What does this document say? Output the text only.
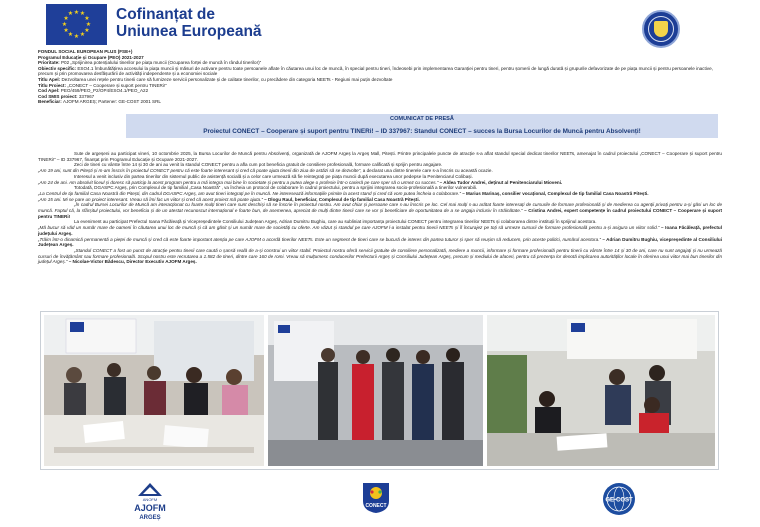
★ ★
★
★
★
★
★
★
★
★
★
★	Cofinanțat de
Uniunea Europeană
FONDUL SOCIAL EUROPEAN PLUS (FSE+)
Programul Educație și Ocupare (PEO) 2021-2027
Prioritate: P02 „Sprijinirea potențialului tinerilor pe piața muncii (Ocuparea forței de muncă în rândul tinerilor)”
Obiectiv specific: ESO4.1 Îmbunătățirea accesului la piața muncii și măsuri de activare pentru toate persoanele aflate în căutarea unui loc de muncă, în special pentru tineri, îndeosebi prin implementarea Garanției pentru tineri, pentru șomerii de lungă durată și grupurile defavorizate de pe piața muncii și pentru persoanele inactive, precum și prin promovarea desfășurării de activități independente și a economiei sociale
Titlu Apel: Dezvoltarea unei rețele pentru tinerii care să furnizeze servicii personalizate și de calitate tinerilor, cu precădere din categoria NEETs - Regiuni mai puțin dezvoltate
Titlu Proiect: „CONECT – Cooperare și suport pentru TINERi!”
Cod Apel: PEO/459/PEO_P2/OP4/ESO4.1/PEO_A22
Cod SMIS proiect: 337967
Beneficiar: AJOFM ARGEȘ; Partener: GE-COST 2001 SRL
COMUNICAT DE PRESĂ
Proiectul CONECT – Cooperare și suport pentru TINERi! – ID 337967: Standul CONECT – succes la Bursa Locurilor de Muncă pentru Absolvenți!

Sute de argeșeni au participat vineri, 10 octombrie 2025, la Bursa Locurilor de Muncă pentru Absolvenți, organizată de AJOFM Argeș la Argeș Mall, Pitești. Printre principalele puncte de atracție s-a aflat standul special dedicat tinerilor NEETs, amenajat în cadrul proiectului „CONECT – Cooperare și suport pentru TINERi!” – ID 337967, finanțat prin Programul Educație și Ocupare 2021-2027.

Zeci de tineri cu vârste între 14 și 30 de ani au venit la standul CONECT pentru a afla cum pot beneficia gratuit de consiliere profesională, formare calificată și sprijin pentru angajare.

„Am 19 ani, sunt din Pitești și m-am înscris în proiectul CONECT pentru că este foarte interesant și cred că poate ajuta tinerii din ziua de astăzi să se dezvolte”, a declarat una dintre tinerele care s-a înscris cu această ocazie.

Interesul a venit inclusiv din partea tinerilor din sistemul public de asistență socială și a celor care urmează să fie reintegrați pe piața muncii după executarea unor pedepse la Penitenciarul Colibași.

„Am 24 de ani. Am absolvit liceul și doresc să particip la acest program pentru a mă integra mai bine în societate și pentru a putea alege o profesie într-o carieră pe care sper să o urmez cu succes.” – Aldea Tudor Andrei, deținut al Penitenciarului Mioveni.

Totodată, DGASPC Argeș, prin Complexul de tip familial „Casa Noastră” , va încheia un protocol de colaborare în cadrul proiectului, pentru a sprijini integrarea socio-profesională a tinerilor vulnerabili.

„La Centrul de tip familial Casa Noastră din Pitești, din cadrul DGASPC Argeș, am avut tineri integrați pe în muncă. Ne interesează informațiile primite la acest stand și cred că vom putea încheia o colaborare.” – Marius Marinaș, consilier vocațional, Complexul de tip familial Casa Noastră Pitești.

„Am 15 ani. Mi se pare un proiect interesant. Vreau să îmi fac un viitor și cred că acest proiect mă poate ajuta.” – Dlogu Raul, beneficiar, Complexul de tip familial Casa Noastră Pitești.

„În cadrul Bursei Locurilor de Muncă am interacționat cu foarte mulți tineri care sunt deschiși să se înscrie în proiectul nostru. Am avut chiar și persoane care s-au înscris pe loc. Cel mai mulți s-au arătat foarte interesați de cursurile de formare profesională și de medierea cu agenții privați pentru a-și găsi un loc de muncă. Faptul că, la sfârșitul proiectului, vor beneficia și de un atestat recunoscut internațional e foarte bun, de asemenea, apreciat de mulți dintre tinerii care se vor și beneficiare de oportunitatea de a se angaja inclusiv în străinătate.” – Cristina Andrei, expert competențe în cadrul proiectului CONECT – Cooperare și suport pentru TINERi!

La eveniment au participat Prefectul Ioana Făcăleață și Vicepreședintele Consiliului Județean Argeș, Adrian Dumitru Bughiu, care au subliniat importanța proiectului CONECT pentru integrarea tinerilor NEETs și colaborarea dintre instituții în sprijinul acestora.

„Mă bucur să văd un număr mare de oameni în căutarea unui loc de muncă și că am găsit și un număr mare de societăți cu oferte. Am văzut și standul pe care AJOFM l-a instalat pentru tinerii NEETs și îl încurajez pe toți să urmeze cursurii de formare profesională pentru a-și asigura un viitor solid.” – Ioana Făcăleață, prefectul județului Argeș.

„Trăim într-o dinamică permanentă a pieței de muncă și cred că este foarte important atenția pe care AJOFM o acordă tinerilor NEETs. Este un segment de tineri care se bucură de interes din partea tuturor și sper să reușim să reducem, prin aceste politici, numărul acestora.” – Adrian Dumitru Bughiu, vicepreședinte al Consiliului Județean Argeș.

„Standul CONECT a fost un punct de atracție pentru tinerii care caută o șansă reală de a-și construi un viitor stabil. Proiectul nostru oferă servicii gratuite de consiliere personalizată, mediere a muncii, informare și formare profesională pentru tinerii cu vârste între 14 și 30 de ani, care nu sunt angajați și nu urmează cursuri de învățământ sau formare profesională. Scopul nostru este recrutarea a 1.582 de tineri, dintre care 160 de romi. Vreau să mulțumesc conducerilor Prefecturii Argeș și Consiliului Județean Argeș, precum și mediului de afaceri, pentru că prezența lor denotă implicarea autorităților locale în oferirea unui viitor mai bun tinerilor din județul Argeș.” – Nicolae-Victor Bădescu, Director Executiv AJOFM Argeș.

ANOFM
AJOFM
ARGEȘ
CONECT
GE-COST
